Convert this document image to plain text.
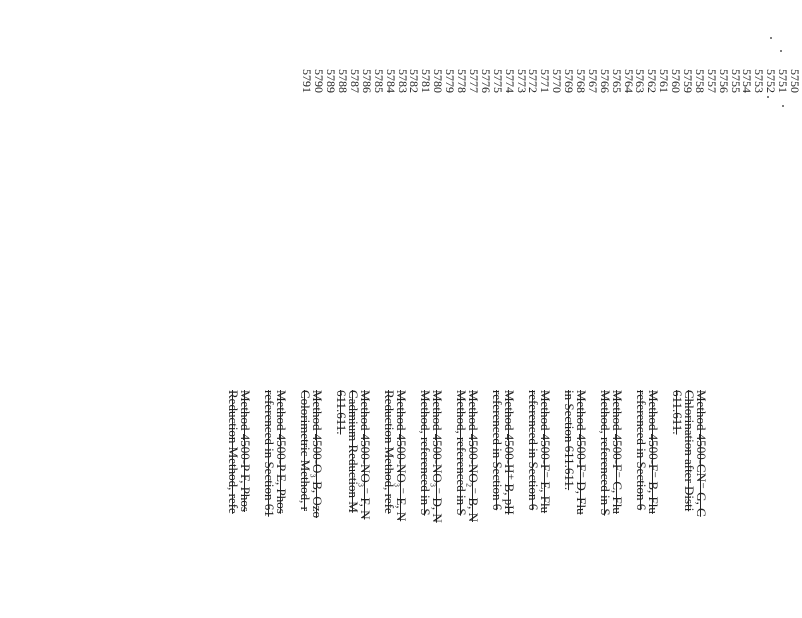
5750
5751
5752
5753
5754
5755
5756
5757
5758
5759
5760
5761
5762
5763
5764
5765
5766
5767
5768
5769
5770
5771
5772
5773
5774
5775
5776
5777
5778
5779
5780
5781
5782
5783
5784
5785
5786
5787
5788
5789
5790
5791
Method 4500-CN⁻ G, C
Chlorination after Disti
611.611.
Method 4500-F⁻ B, Flu
referenced in Section 6
Method 4500-F⁻ C, Flu
Method, referenced in S
Method 4500-F⁻ D, Flu
in Section 611.611.
Method 4500-F⁻ E, Flu
referenced in Section 6
Method 4500-H⁺ B, pH
referenced in Section 6
Method 4500-NO₂⁻ B, N
Method, referenced in S
Method 4500-NO₃⁻ D, N
Method, referenced in S
Method 4500-NO₃⁻ E, N
Reduction Method, refe
Method 4500-NO₃⁻ F, N
Cadmium Reduction M
611.611.
Method 4500-O₃ B, Ozo
Colorimetric Method, r
Method 4500-P E, Phos
referenced in Section 61
Method 4500-P F, Phos
Reduction Method, refe
